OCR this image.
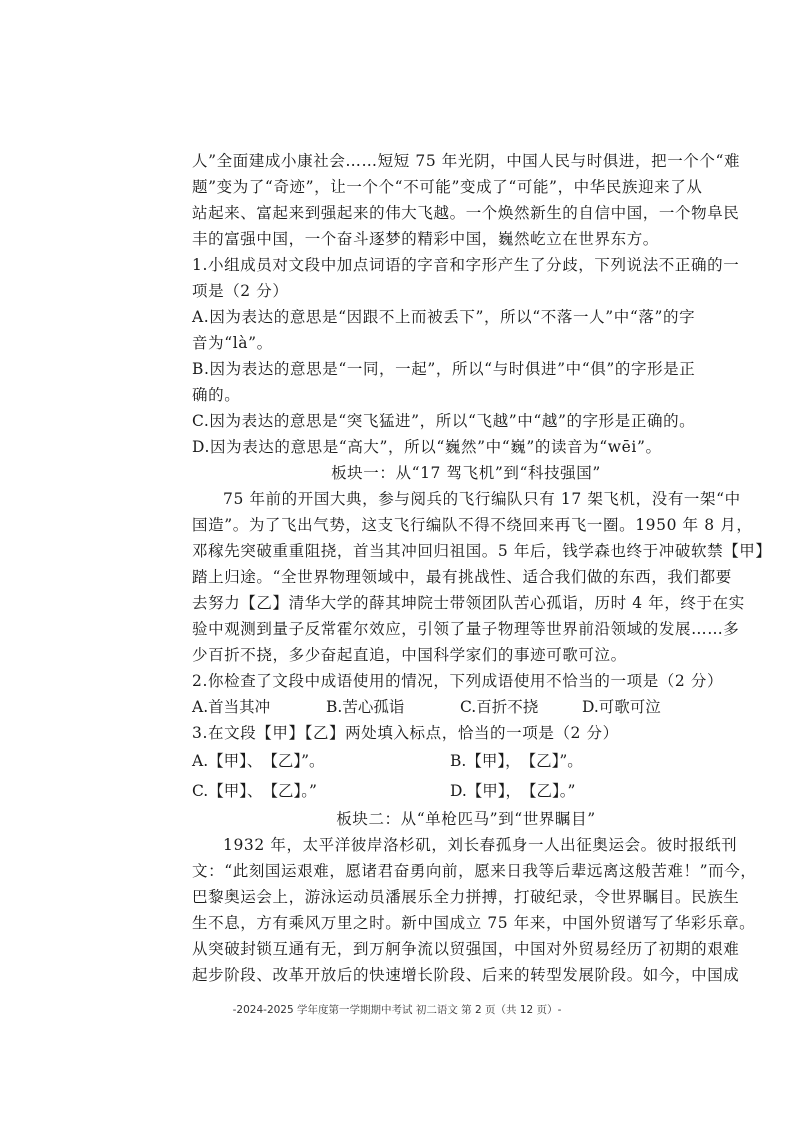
人”全面建成小康社会……短短 75 年光阴，中国人民与时俱进，把一个个“难
题”变为了“奇迹”，让一个个“不可能”变成了“可能”，中华民族迎来了从
站起来、富起来到强起来的伟大飞越。一个焕然新生的自信中国，一个物阜民
丰的富强中国，一个奋斗逐梦的精彩中国，巍然屹立在世界东方。
1.小组成员对文段中加点词语的字音和字形产生了分歧，下列说法不正确的一
项是（2 分）
A.因为表达的意思是“因跟不上而被丢下”，所以“不落一人”中“落”的字
音为“là”。
B.因为表达的意思是“一同，一起”，所以“与时俱进”中“俱”的字形是正
确的。
C.因为表达的意思是“突飞猛进”，所以“飞越”中“越”的字形是正确的。
D.因为表达的意思是“高大”，所以“巍然”中“巍”的读音为“wēi”。
板块一：从“17 驾飞机”到“科技强国”
75 年前的开国大典，参与阅兵的飞行编队只有 17 架飞机，没有一架“中
国造”。为了飞出气势，这支飞行编队不得不绕回来再飞一圈。1950 年 8 月，
邓稼先突破重重阻挠，首当其冲回归祖国。5 年后，钱学森也终于冲破软禁【甲】
踏上归途。“全世界物理领域中，最有挑战性、适合我们做的东西，我们都要
去努力【乙】清华大学的薛其坤院士带领团队苦心孤诣，历时 4 年，终于在实
验中观测到量子反常霍尔效应，引领了量子物理等世界前沿领域的发展……多
少百折不挠，多少奋起直追，中国科学家们的事迹可歌可泣。
2.你检查了文段中成语使用的情况，下列成语使用不恰当的一项是（2 分）
A.首当其冲	B.苦心孤诣	C.百折不挠	D.可歌可泣
3.在文段【甲】【乙】两处填入标点，恰当的一项是（2 分）
A.【甲】、　【乙】”。	B.【甲】，　【乙】”。
C.【甲】、　【乙】。”	D.【甲】，　【乙】。”
板块二：从“单枪匹马”到“世界瞩目”
1932 年，太平洋彼岸洛杉矶，刘长春孤身一人出征奥运会。彼时报纸刊
文：“此刻国运艰难，愿诸君奋勇向前，愿来日我等后辈远离这般苦难！”而今，
巴黎奥运会上，游泳运动员潘展乐全力拼搏，打破纪录，令世界瞩目。民族生
生不息，方有乘风万里之时。新中国成立 75 年来，中国外贸谱写了华彩乐章。
从突破封锁互通有无，到万舸争流以贸强国，中国对外贸易经历了初期的艰难
起步阶段、改革开放后的快速增长阶段、后来的转型发展阶段。如今，中国成
-2024-2025 学年度第一学期期中考试 初二语文 第 2 页（共 12 页）-
